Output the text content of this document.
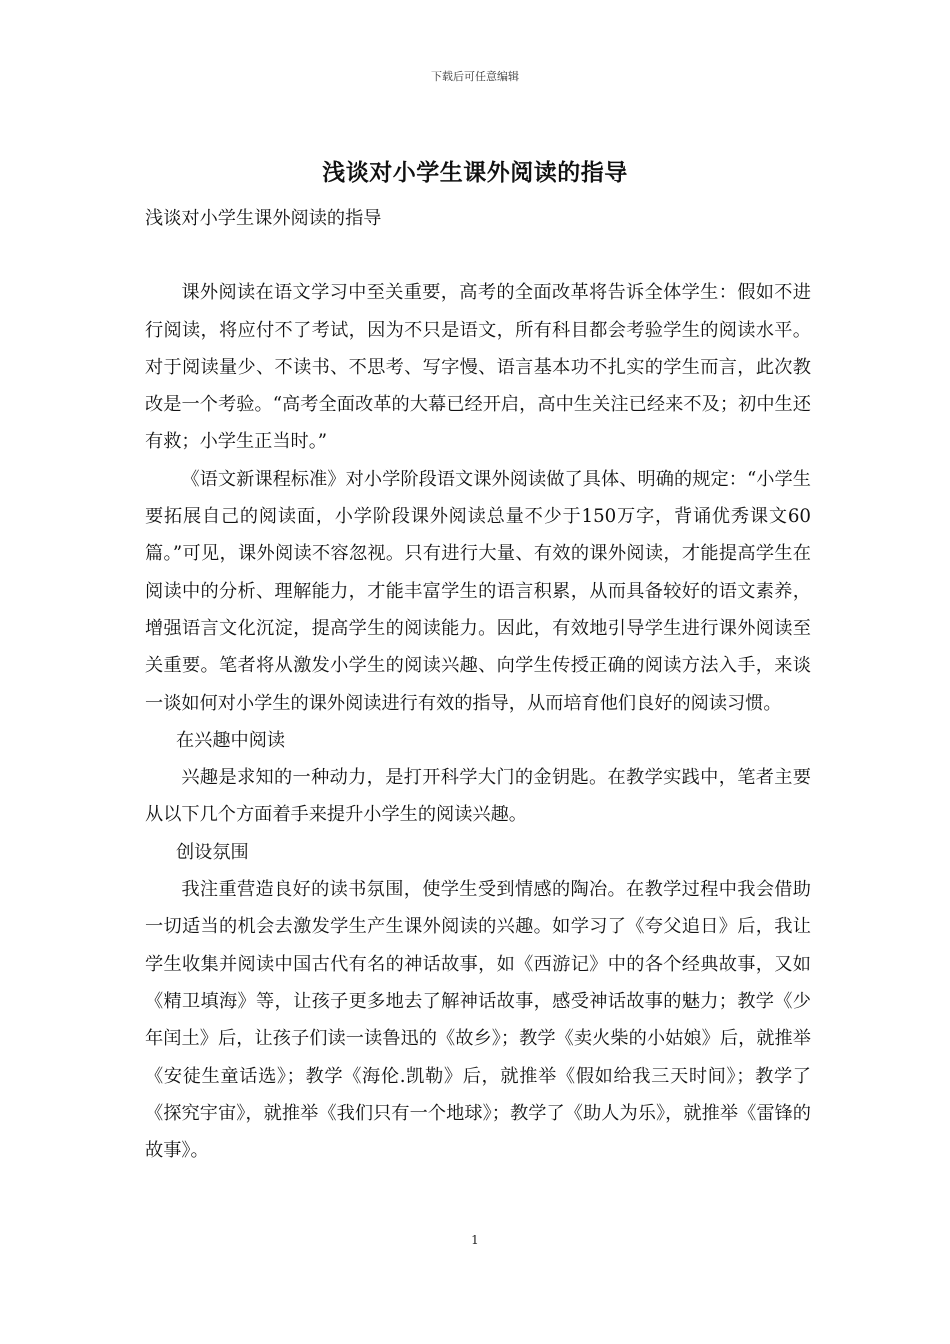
下载后可任意编辑
浅谈对小学生课外阅读的指导

浅谈对小学生课外阅读的指导

课外阅读在语文学习中至关重要，高考的全面改革将告诉全体学生：假如不进行阅读，将应付不了考试，因为不只是语文，所有科目都会考验学生的阅读水平。对于阅读量少、不读书、不思考、写字慢、语言基本功不扎实的学生而言，此次教改是一个考验。“高考全面改革的大幕已经开启，高中生关注已经来不及；初中生还有救；小学生正当时。”

《语文新课程标准》对小学阶段语文课外阅读做了具体、明确的规定：“小学生要拓展自己的阅读面，小学阶段课外阅读总量不少于150万字，背诵优秀课文60篇。”可见，课外阅读不容忽视。只有进行大量、有效的课外阅读，才能提高学生在阅读中的分析、理解能力，才能丰富学生的语言积累，从而具备较好的语文素养，增强语言文化沉淀，提高学生的阅读能力。因此，有效地引导学生进行课外阅读至关重要。笔者将从激发小学生的阅读兴趣、向学生传授正确的阅读方法入手，来谈一谈如何对小学生的课外阅读进行有效的指导，从而培育他们良好的阅读习惯。

在兴趣中阅读

兴趣是求知的一种动力，是打开科学大门的金钥匙。在教学实践中，笔者主要从以下几个方面着手来提升小学生的阅读兴趣。

创设氛围

我注重营造良好的读书氛围，使学生受到情感的陶冶。在教学过程中我会借助一切适当的机会去激发学生产生课外阅读的兴趣。如学习了《夸父追日》后，我让学生收集并阅读中国古代有名的神话故事，如《西游记》中的各个经典故事，又如《精卫填海》等，让孩子更多地去了解神话故事，感受神话故事的魅力；教学《少年闰土》后，让孩子们读一读鲁迅的《故乡》；教学《卖火柴的小姑娘》后，就推举《安徒生童话选》；教学《海伦.凯勒》后，就推举《假如给我三天时间》；教学了《探究宇宙》，就推举《我们只有一个地球》；教学了《助人为乐》，就推举《雷锋的故事》。

1
